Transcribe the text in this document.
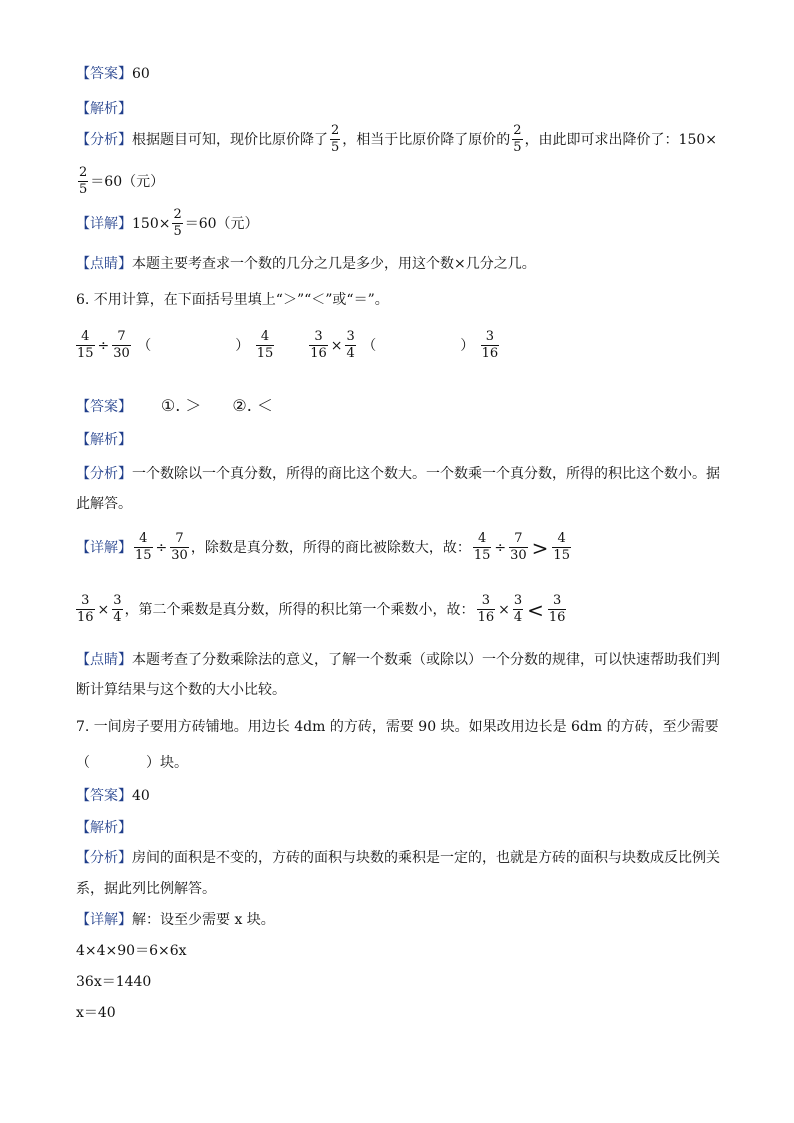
【答案】60
【解析】
【分析】根据题目可知，现价比原价降了 $\frac{2}{5}$ ，相当于比原价降了原价的 $\frac{2}{5}$ ，由此即可求出降价了：150×
$\frac{2}{5} =60$（元）
【详解】$150\times \frac{2}{5} =60$（元）
【点睛】本题主要考查求一个数的几分之几是多少，用这个数×几分之几。
6. 不用计算，在下面括号里填上“＞”“＜”或“＝”。
$\frac{4}{15} \div \frac{7}{30}$ （　　　　　　） $\frac{4}{15}$
	$\frac{3}{16} \times \frac{3}{4}$ （　　　　　　） $\frac{3}{16}$
【答案】 ①. ＞ ②. ＜
【解析】
【分析】一个数除以一个真分数，所得的商比这个数大。一个数乘一个真分数，所得的积比这个数小。据
此解答。
【详解】 $\frac{4}{15} \div \frac{7}{30}$ ，除数是真分数，所得的商比被除数大，故： $\frac{4}{15} \div \frac{7}{30} > \frac{4}{15}$
$\frac{3}{16} \times \frac{3}{4}$ ，第二个乘数是真分数，所得的积比第一个乘数小，故： $\frac{3}{16} \times \frac{3}{4} < \frac{3}{16}$
【点睛】本题考查了分数乘除法的意义，了解一个数乘（或除以）一个分数的规律，可以快速帮助我们判
断计算结果与这个数的大小比较。
7. 一间房子要用方砖铺地。用边长 4dm 的方砖，需要 90 块。如果改用边长是 6dm 的方砖，至少需要
（　　　　）块。
【答案】40
【解析】
【分析】房间的面积是不变的，方砖的面积与块数的乘积是一定的，也就是方砖的面积与块数成反比例关
系，据此列比例解答。
【详解】解：设至少需要 x 块。
4×4×90＝6×6x
36x＝1440
x＝40
